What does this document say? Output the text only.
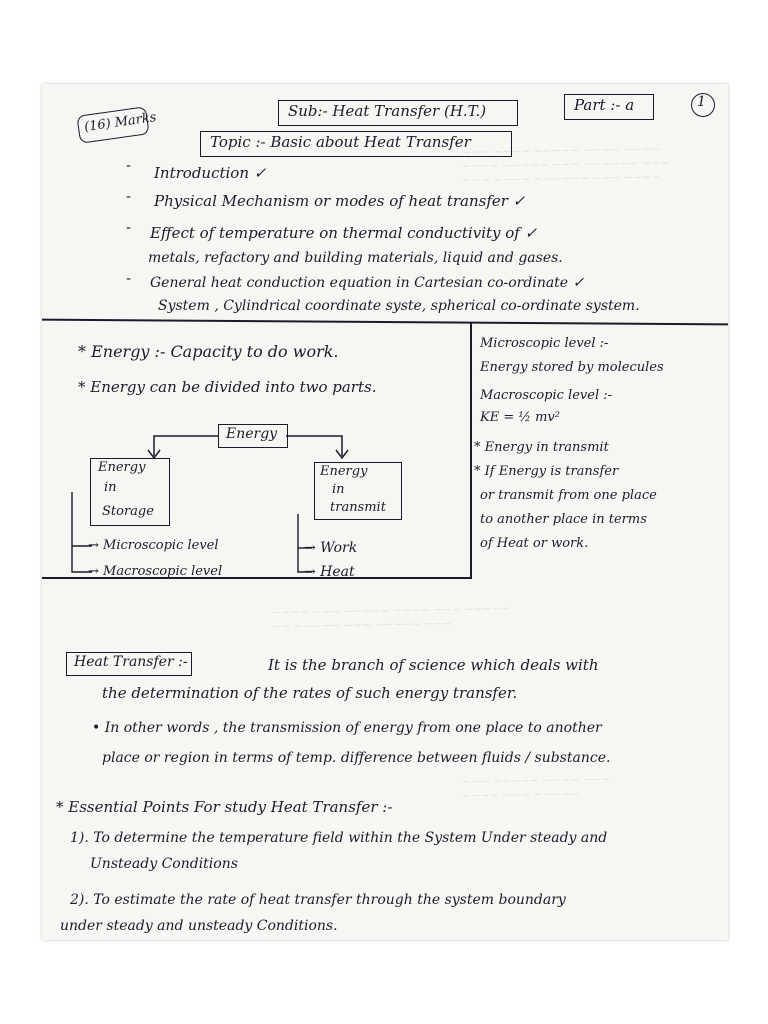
~~~ ~~~~ ~~~~~ ~~~~ ~~~~
~~~~ ~~~~~ ~~~ ~~~~~~ ~~~
~~~ ~~~~ ~~~~~~ ~~~ ~~~~
~~~~ ~~~ ~~~~~ ~~~~ ~~~ ~~~~~
~~ ~~~~~ ~~~ ~~~~~ ~~~
~~~ ~~~~~ ~~~~ ~~~
~~~~ ~~~ ~~~~~
(16) Marks	Sub:- Heat Transfer (H.T.)	Part :- a	1
Topic :- Basic about Heat Transfer
- Introduction ✓
- Physical Mechanism or modes of heat transfer ✓
- Effect of temperature on thermal conductivity of ✓
metals, refactory and building materials, liquid and gases.
- General heat conduction equation in Cartesian co-ordinate ✓
System , Cylindrical coordinate syste, spherical co-ordinate system.
* Energy :- Capacity to do work.
* Energy can be divided into two parts.
Energy
Energy
in
Storage
Energy
in
transmit
→ Microscopic level
→ Macroscopic level
→ Work
→ Heat
Microscopic level :-
Energy stored by molecules
Macroscopic level :-
KE = ½ mv²
* Energy in transmit
* If Energy is transfer
or transmit from one place
to another place in terms
of Heat or work.
Heat Transfer :-	It is the branch of science which deals with
the determination of the rates of such energy transfer.
• In other words , the transmission of energy from one place to another
place or region in terms of temp. difference between fluids / substance.
* Essential Points For study Heat Transfer :-
1). To determine the temperature field within the System Under steady and
Unsteady Conditions
2). To estimate the rate of heat transfer through the system boundary
under steady and unsteady Conditions.
